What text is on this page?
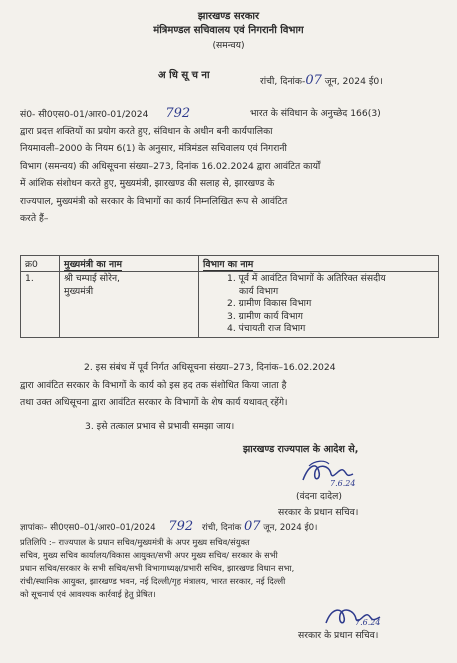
झारखण्ड सरकार
मंत्रिमण्डल सचिवालय एवं निगरानी विभाग
(समन्वय)
अ धि सू च ना
रांची, दिनांक-07 जून, 2024 ई0।
सं0- सी0एस0-01/आर0-01/2024 792	भारत के संविधान के अनुच्छेद 166(3)
द्वारा प्रदत्त शक्तियों का प्रयोग करते हुए, संविधान के अधीन बनी कार्यपालिका
नियमावली–2000 के नियम 6(1) के अनुसार, मंत्रिमंडल सचिवालय एवं निगरानी
विभाग (समन्वय) की अधिसूचना संख्या–273, दिनांक 16.02.2024 द्वारा आवंटित कार्यों
में आंशिक संशोधन करते हुए, मुख्यमंत्री, झारखण्ड की सलाह से, झारखण्ड के
राज्यपाल, मुख्यमंत्री को सरकार के विभागों का कार्य निम्नलिखित रूप से आवंटित
करते हैं–
क्र0	मुख्यमंत्री का नाम	विभाग का नाम
1.	श्री चम्पाई सोरेन,
मुख्यमंत्री	1. पूर्व में आवंटित विभागों के अतिरिक्त संसदीय
कार्य विभाग
2. ग्रामीण विकास विभाग
3. ग्रामीण कार्य विभाग
4. पंचायती राज विभाग
2. इस संबंध में पूर्व निर्गत अधिसूचना संख्या–273, दिनांक–16.02.2024
द्वारा आवंटित सरकार के विभागों के कार्य को इस हद तक संशोधित किया जाता है
तथा उक्त अधिसूचना द्वारा आवंटित सरकार के विभागों के शेष कार्य यथावत् रहेंगे।
3. इसे तत्काल प्रभाव से प्रभावी समझा जाय।
झारखण्ड राज्यपाल के आदेश से,
7.6.24
(वंदना दादेल)
सरकार के प्रधान सचिव।
ज्ञापांकः– सी0एस0–01/आर0–01/2024 792 रांची, दिनांक 07 जून, 2024 ई0।
प्रतिलिपि :– राज्यपाल के प्रधान सचिव/मुख्यमंत्री के अपर मुख्य सचिव/संयुक्त
सचिव, मुख्य सचिव कार्यालय/विकास आयुक्त/सभी अपर मुख्य सचिव/ सरकार के सभी
प्रधान सचिव/सरकार के सभी सचिव/सभी विभागाध्यक्ष/प्रभारी सचिव, झारखण्ड विधान सभा,
रांची/स्थानिक आयुक्त, झारखण्ड भवन, नई दिल्ली/गृह मंत्रालय, भारत सरकार, नई दिल्ली
को सूचनार्थ एवं आवश्यक कार्रवाई हेतु प्रेषित।
7.6.24
सरकार के प्रधान सचिव।
